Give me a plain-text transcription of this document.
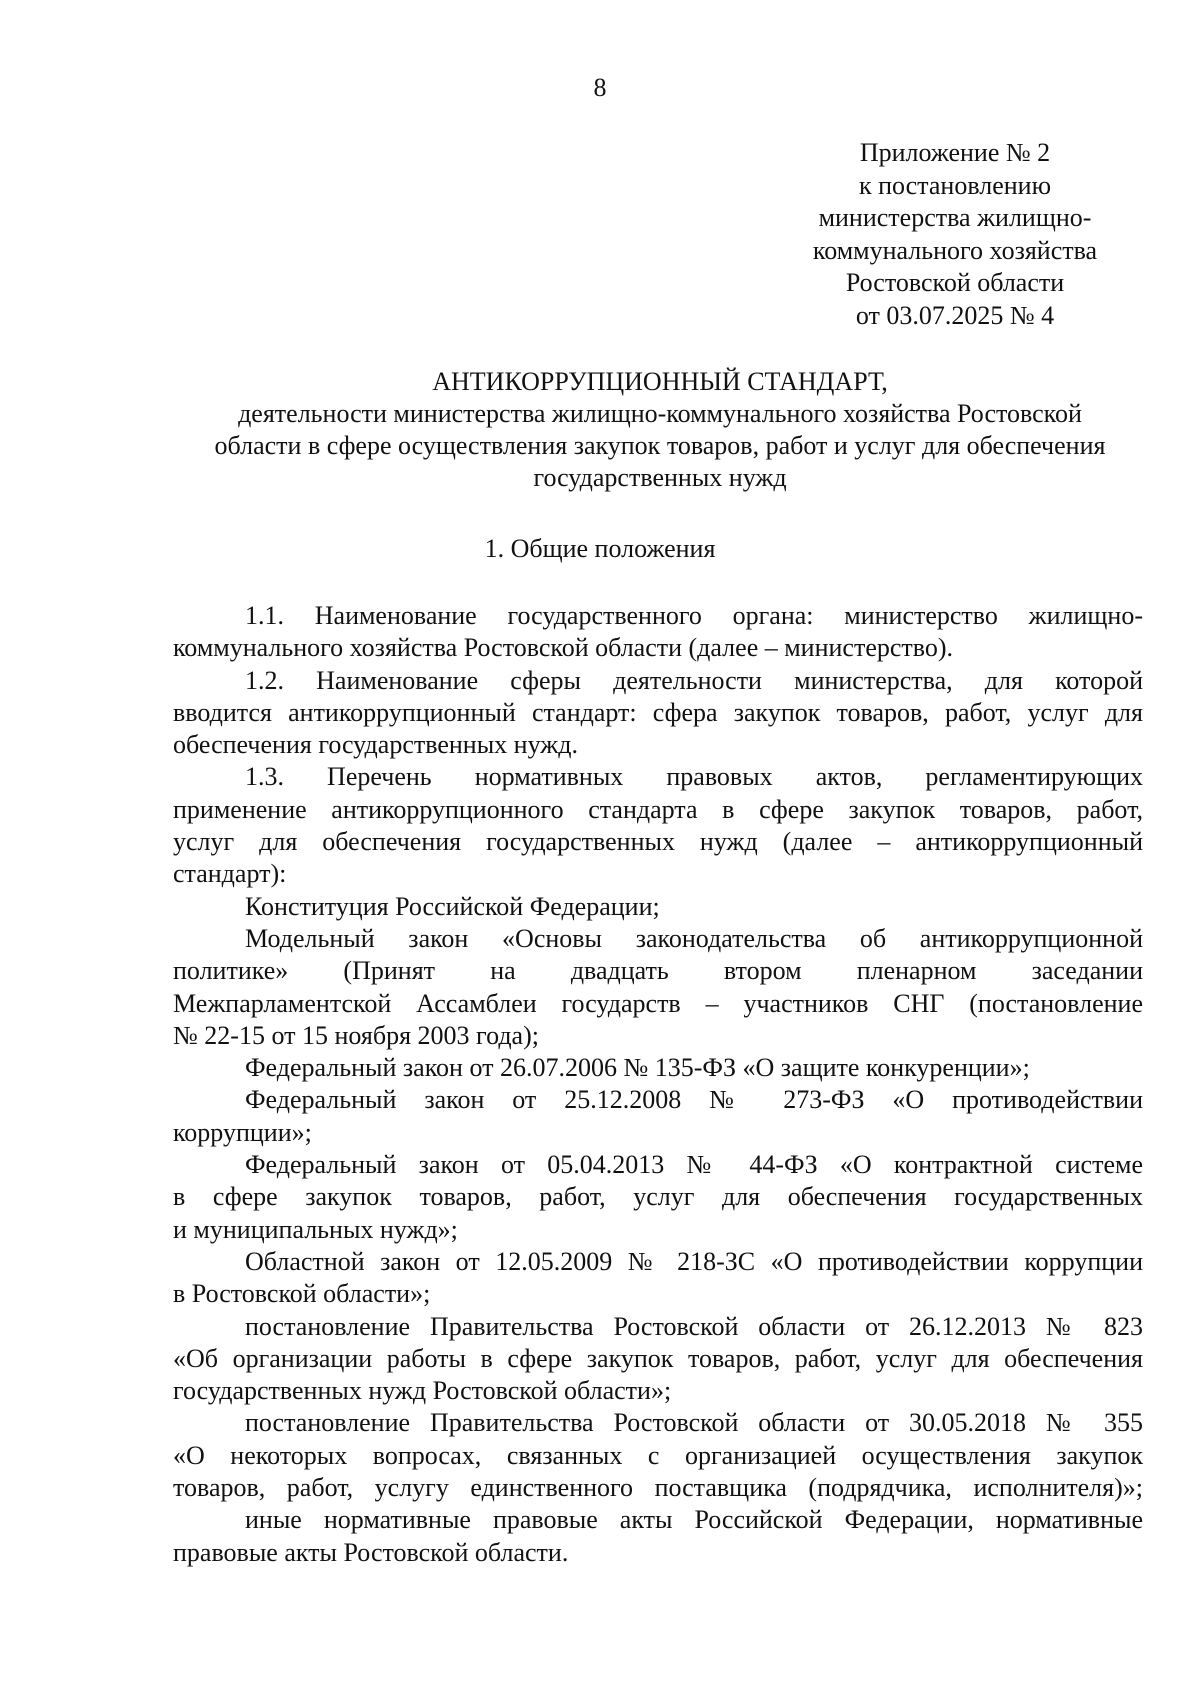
8
Приложение № 2
к постановлению
министерства жилищно-
коммунального хозяйства
Ростовской области
от 03.07.2025 № 4
АНТИКОРРУПЦИОННЫЙ СТАНДАРТ,
деятельности министерства жилищно-коммунального хозяйства Ростовской
области в сфере осуществления закупок товаров, работ и услуг для обеспечения
государственных нужд
1. Общие положения
1.1. Наименование государственного органа: министерство жилищно-
коммунального хозяйства Ростовской области (далее – министерство).
1.2. Наименование сферы деятельности министерства, для которой
вводится антикоррупционный стандарт: сфера закупок товаров, работ, услуг для
обеспечения государственных нужд.
1.3. Перечень нормативных правовых актов, регламентирующих
применение антикоррупционного стандарта в сфере закупок товаров, работ,
услуг для обеспечения государственных нужд (далее – антикоррупционный
стандарт):
Конституция Российской Федерации;
Модельный закон «Основы законодательства об антикоррупционной
политике» (Принят на двадцать втором пленарном заседании
Межпарламентской Ассамблеи государств – участников СНГ (постановление
№ 22-15 от 15 ноября 2003 года);
Федеральный закон от 26.07.2006 № 135-ФЗ «О защите конкуренции»;
Федеральный закон от 25.12.2008 № 273-ФЗ «О противодействии
коррупции»;
Федеральный закон от 05.04.2013 № 44-ФЗ «О контрактной системе
в сфере закупок товаров, работ, услуг для обеспечения государственных
и муниципальных нужд»;
Областной закон от 12.05.2009 № 218-ЗС «О противодействии коррупции
в Ростовской области»;
постановление Правительства Ростовской области от 26.12.2013 № 823
«Об организации работы в сфере закупок товаров, работ, услуг для обеспечения
государственных нужд Ростовской области»;
постановление Правительства Ростовской области от 30.05.2018 № 355
«О некоторых вопросах, связанных с организацией осуществления закупок
товаров, работ, услугу единственного поставщика (подрядчика, исполнителя)»;
иные нормативные правовые акты Российской Федерации, нормативные
правовые акты Ростовской области.
